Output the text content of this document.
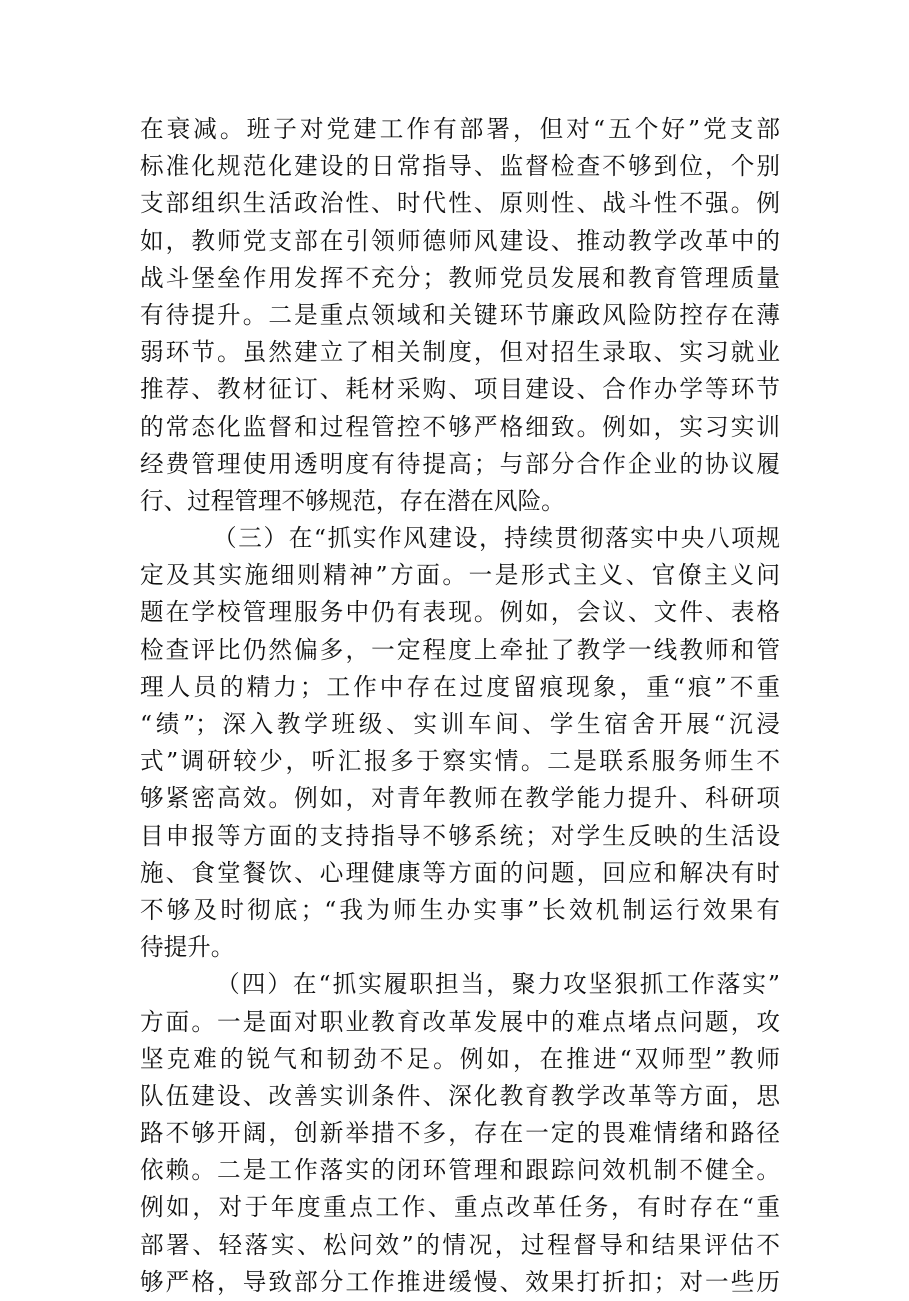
在衰减。班子对党建工作有部署，但对“五个好”党支部
标准化规范化建设的日常指导、监督检查不够到位，个别
支部组织生活政治性、时代性、原则性、战斗性不强。例
如，教师党支部在引领师德师风建设、推动教学改革中的
战斗堡垒作用发挥不充分；教师党员发展和教育管理质量
有待提升。二是重点领域和关键环节廉政风险防控存在薄
弱环节。虽然建立了相关制度，但对招生录取、实习就业
推荐、教材征订、耗材采购、项目建设、合作办学等环节
的常态化监督和过程管控不够严格细致。例如，实习实训
经费管理使用透明度有待提高；与部分合作企业的协议履
行、过程管理不够规范，存在潜在风险。
（三）在“抓实作风建设，持续贯彻落实中央八项规
定及其实施细则精神”方面。一是形式主义、官僚主义问
题在学校管理服务中仍有表现。例如，会议、文件、表格
检查评比仍然偏多，一定程度上牵扯了教学一线教师和管
理人员的精力；工作中存在过度留痕现象，重“痕”不重
“绩”；深入教学班级、实训车间、学生宿舍开展“沉浸
式”调研较少，听汇报多于察实情。二是联系服务师生不
够紧密高效。例如，对青年教师在教学能力提升、科研项
目申报等方面的支持指导不够系统；对学生反映的生活设
施、食堂餐饮、心理健康等方面的问题，回应和解决有时
不够及时彻底；“我为师生办实事”长效机制运行效果有
待提升。
（四）在“抓实履职担当，聚力攻坚狠抓工作落实”
方面。一是面对职业教育改革发展中的难点堵点问题，攻
坚克难的锐气和韧劲不足。例如，在推进“双师型”教师
队伍建设、改善实训条件、深化教育教学改革等方面，思
路不够开阔，创新举措不多，存在一定的畏难情绪和路径
依赖。二是工作落实的闭环管理和跟踪问效机制不健全。
例如，对于年度重点工作、重点改革任务，有时存在“重
部署、轻落实、松问效”的情况，过程督导和结果评估不
够严格，导致部分工作推进缓慢、效果打折扣；对一些历
